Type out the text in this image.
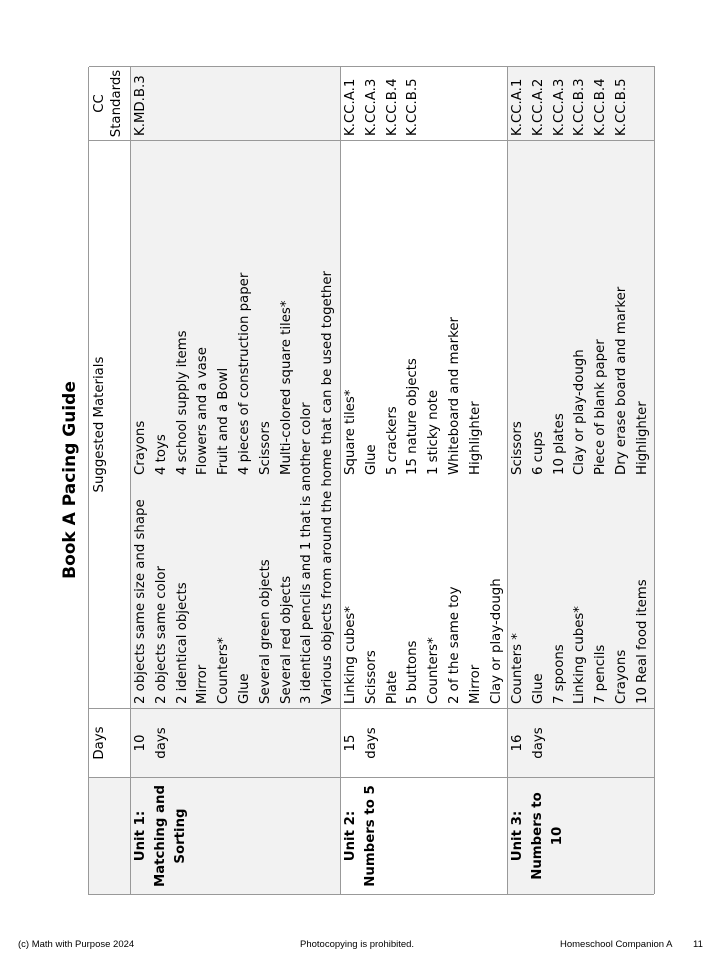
Book A Pacing Guide
Days
Suggested Materials
CC Standards
Unit 1: Matching and Sorting
10 days
2 objects same size and shape 2 objects same color 2 identical objects Mirror Counters* Glue Several green objects Several red objects 3 identical pencils and 1 that is another color Various objects from around the home that can be used together
Crayons 4 toys 4 school supply items Flowers and a vase Fruit and a Bowl 4 pieces of construction paper Scissors Multi-colored square tiles*
K.MD.B.3
Unit 2: Numbers to 5
15 days
Linking cubes* Scissors Plate 5 buttons Counters* 2 of the same toy Mirror Clay or play-dough
Square tiles* Glue 5 crackers 15 nature objects 1 sticky note Whiteboard and marker Highlighter
K.CC.A.1 K.CC.A.3 K.CC.B.4 K.CC.B.5
Unit 3: Numbers to 10
16 days
Counters * Glue 7 spoons Linking cubes* 7 pencils Crayons 10 Real food items
Scissors 6 cups 10 plates Clay or play-dough Piece of blank paper Dry erase board and marker Highlighter
K.CC.A.1 K.CC.A.2 K.CC.A.3 K.CC.B.3 K.CC.B.4 K.CC.B.5
(c) Math with Purpose 2024	Photocopying is prohibited.	Homeschool Companion A 11
